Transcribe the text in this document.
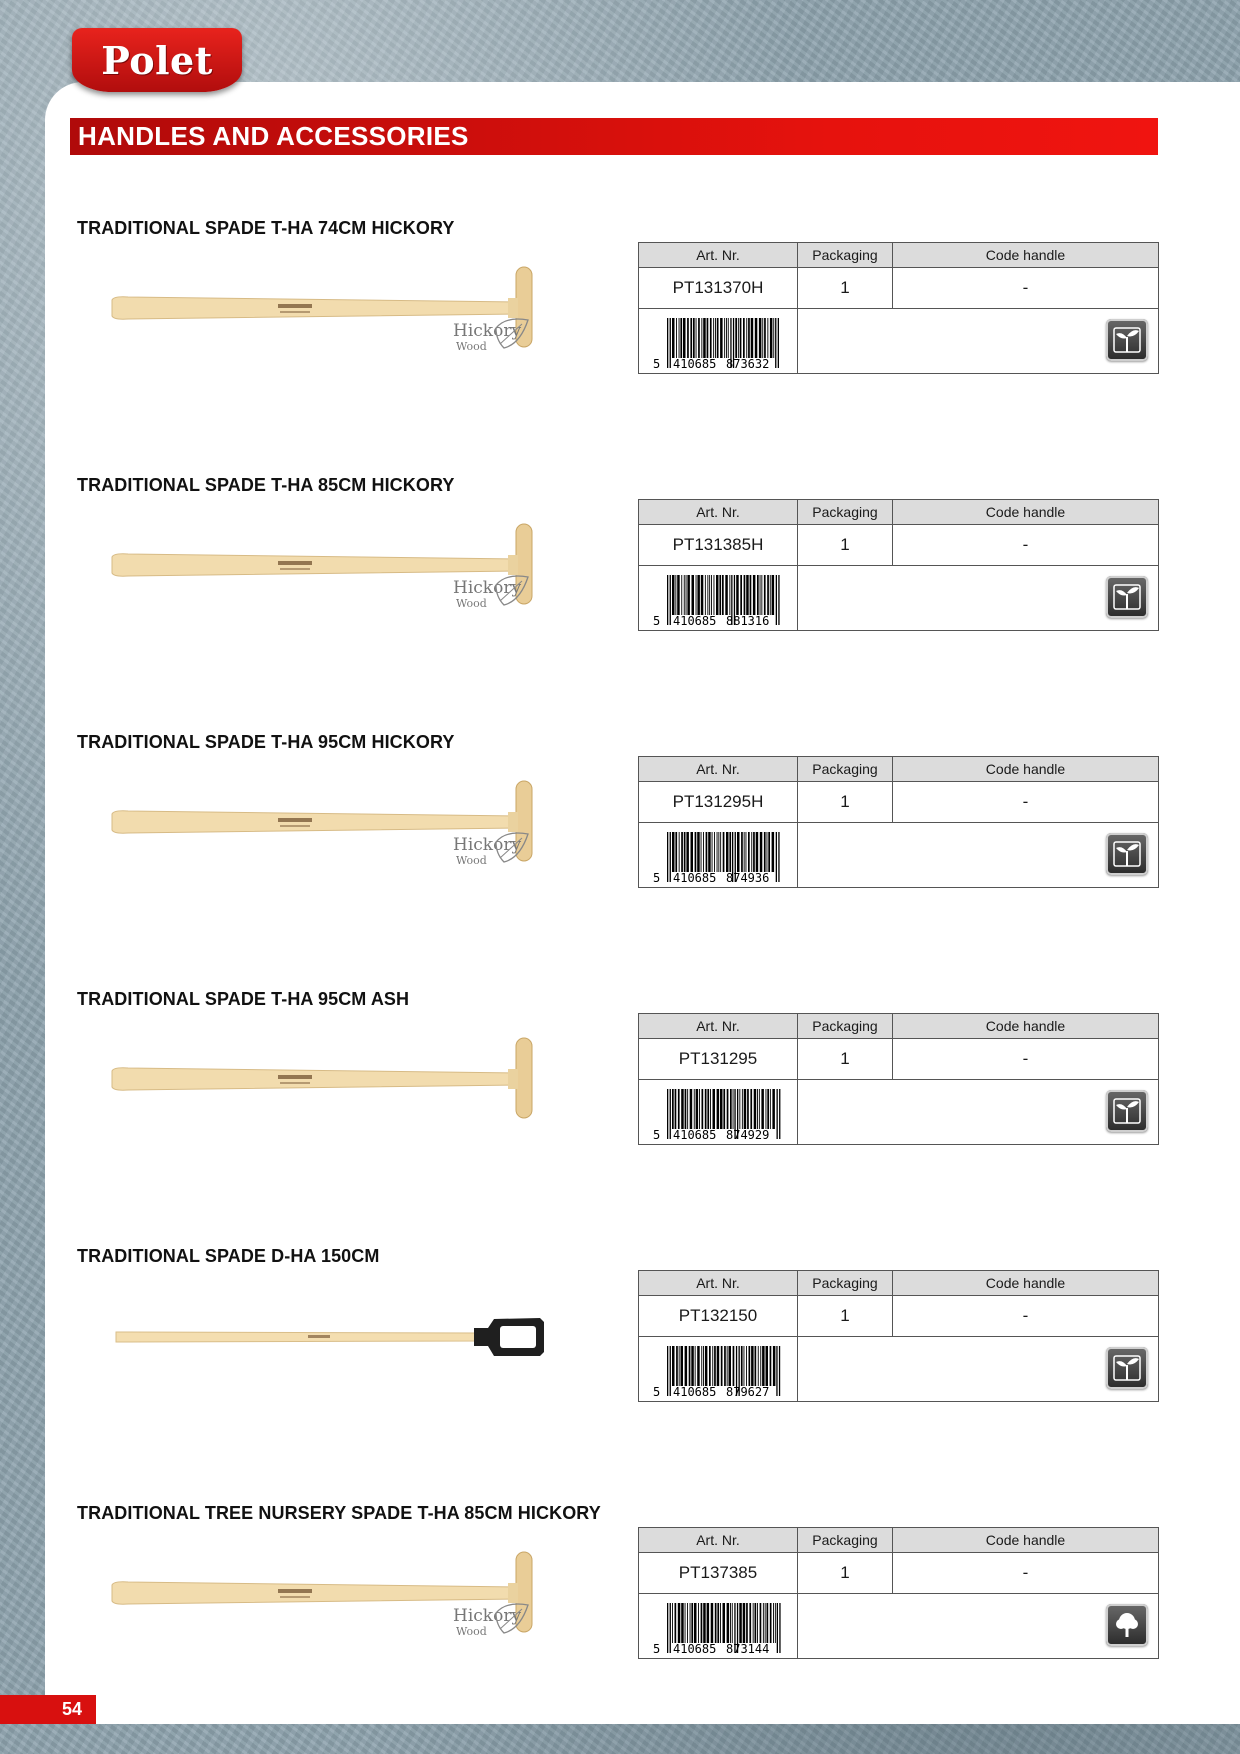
Polet
HANDLES AND ACCESSORIES
TRADITIONAL SPADE T-HA 74CM HICKORY
Hickory
Wood
Art. Nr.	Packaging	Code handle
PT131370H	1	-

5 410685 873632

TRADITIONAL SPADE T-HA 85CM HICKORY
Hickory
Wood
Art. Nr.	Packaging	Code handle
PT131385H	1	-

5 410685 881316

TRADITIONAL SPADE T-HA 95CM HICKORY
Hickory
Wood
Art. Nr.	Packaging	Code handle
PT131295H	1	-

5 410685 874936

TRADITIONAL SPADE T-HA 95CM ASH
Art. Nr.	Packaging	Code handle
PT131295	1	-

5 410685 874929

TRADITIONAL SPADE D-HA 150CM
Art. Nr.	Packaging	Code handle
PT132150	1	-

5 410685 879627

TRADITIONAL TREE NURSERY SPADE T-HA 85CM HICKORY
Hickory
Wood
Art. Nr.	Packaging	Code handle
PT137385	1	-

5 410685 873144

54
